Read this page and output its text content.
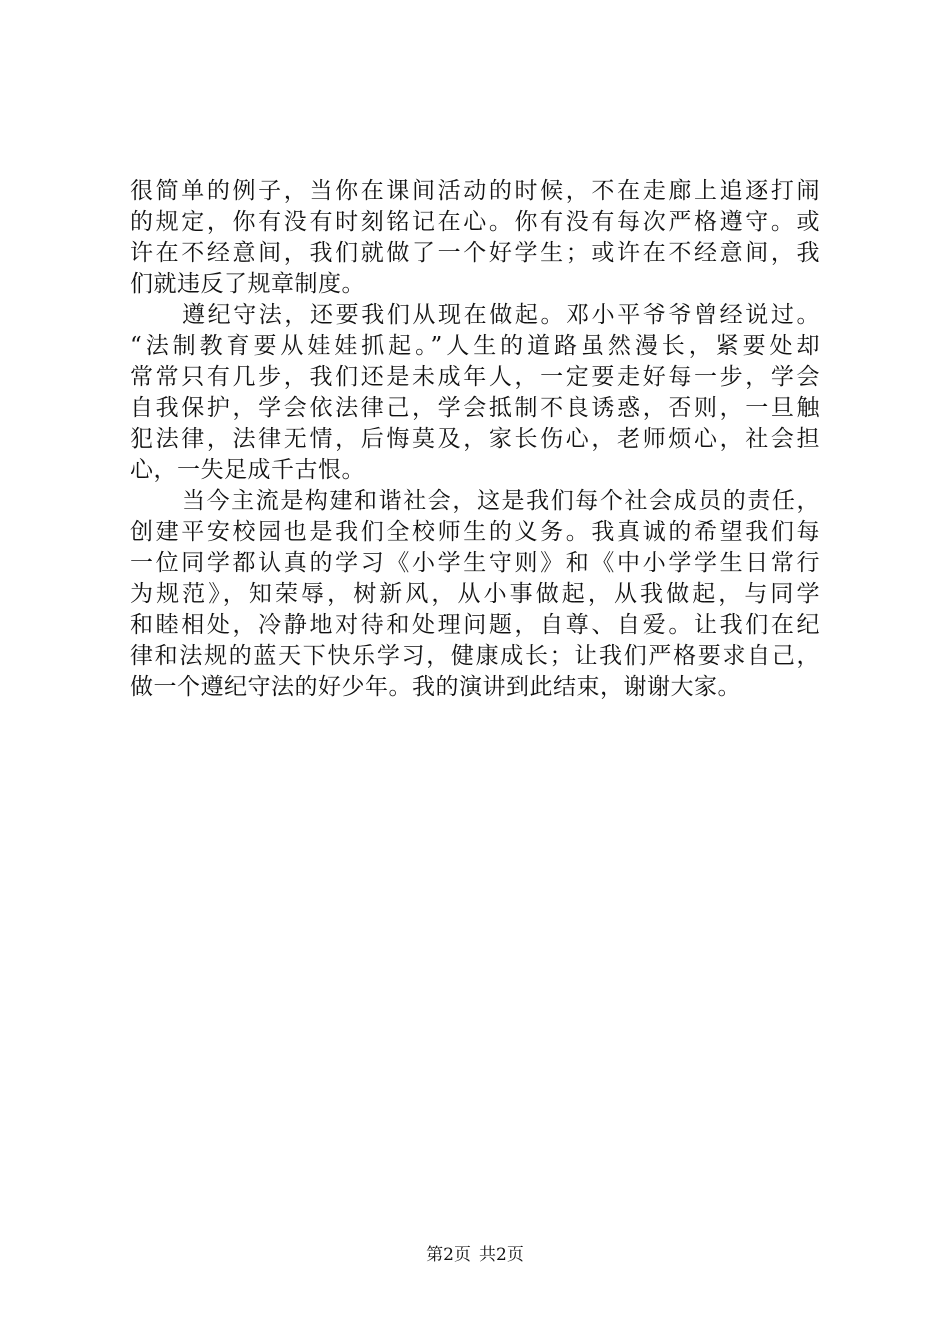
很简单的例子，当你在课间活动的时候，不在走廊上追逐打闹
的规定，你有没有时刻铭记在心。你有没有每次严格遵守。或
许在不经意间，我们就做了一个好学生；或许在不经意间，我
们就违反了规章制度。
遵纪守法，还要我们从现在做起。邓小平爷爷曾经说过。
“法制教育要从娃娃抓起。”人生的道路虽然漫长，紧要处却
常常只有几步，我们还是未成年人，一定要走好每一步，学会
自我保护，学会依法律己，学会抵制不良诱惑，否则，一旦触
犯法律，法律无情，后悔莫及，家长伤心，老师烦心，社会担
心，一失足成千古恨。
当今主流是构建和谐社会，这是我们每个社会成员的责任，
创建平安校园也是我们全校师生的义务。我真诚的希望我们每
一位同学都认真的学习《小学生守则》和《中小学学生日常行
为规范》，知荣辱，树新风，从小事做起，从我做起，与同学
和睦相处，冷静地对待和处理问题，自尊、自爱。让我们在纪
律和法规的蓝天下快乐学习，健康成长；让我们严格要求自己，
做一个遵纪守法的好少年。我的演讲到此结束，谢谢大家。
第2页 共2页
